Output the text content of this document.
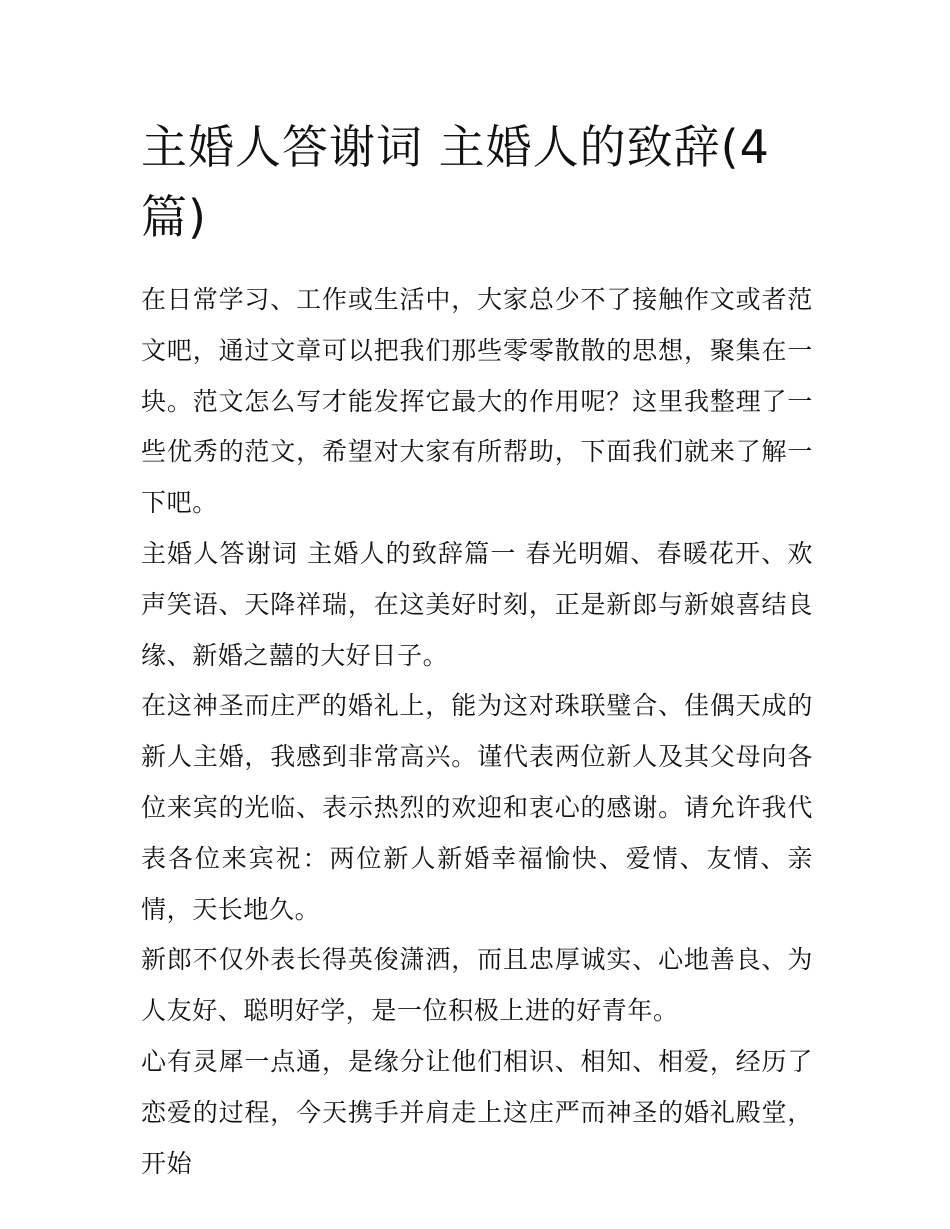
主婚人答谢词 主婚人的致辞(4篇)

在日常学习、工作或生活中，大家总少不了接触作文或者范文吧，通过文章可以把我们那些零零散散的思想，聚集在一块。范文怎么写才能发挥它最大的作用呢？这里我整理了一些优秀的范文，希望对大家有所帮助，下面我们就来了解一下吧。

主婚人答谢词 主婚人的致辞篇一 春光明媚、春暖花开、欢声笑语、天降祥瑞，在这美好时刻，正是新郎与新娘喜结良缘、新婚之囍的大好日子。

在这神圣而庄严的婚礼上，能为这对珠联璧合、佳偶天成的新人主婚，我感到非常高兴。谨代表两位新人及其父母向各位来宾的光临、表示热烈的欢迎和衷心的感谢。请允许我代表各位来宾祝：两位新人新婚幸福愉快、爱情、友情、亲情，天长地久。

新郎不仅外表长得英俊潇洒，而且忠厚诚实、心地善良、为人友好、聪明好学，是一位积极上进的好青年。

心有灵犀一点通，是缘分让他们相识、相知、相爱，经历了恋爱的过程，今天携手并肩走上这庄严而神圣的婚礼殿堂，开始
